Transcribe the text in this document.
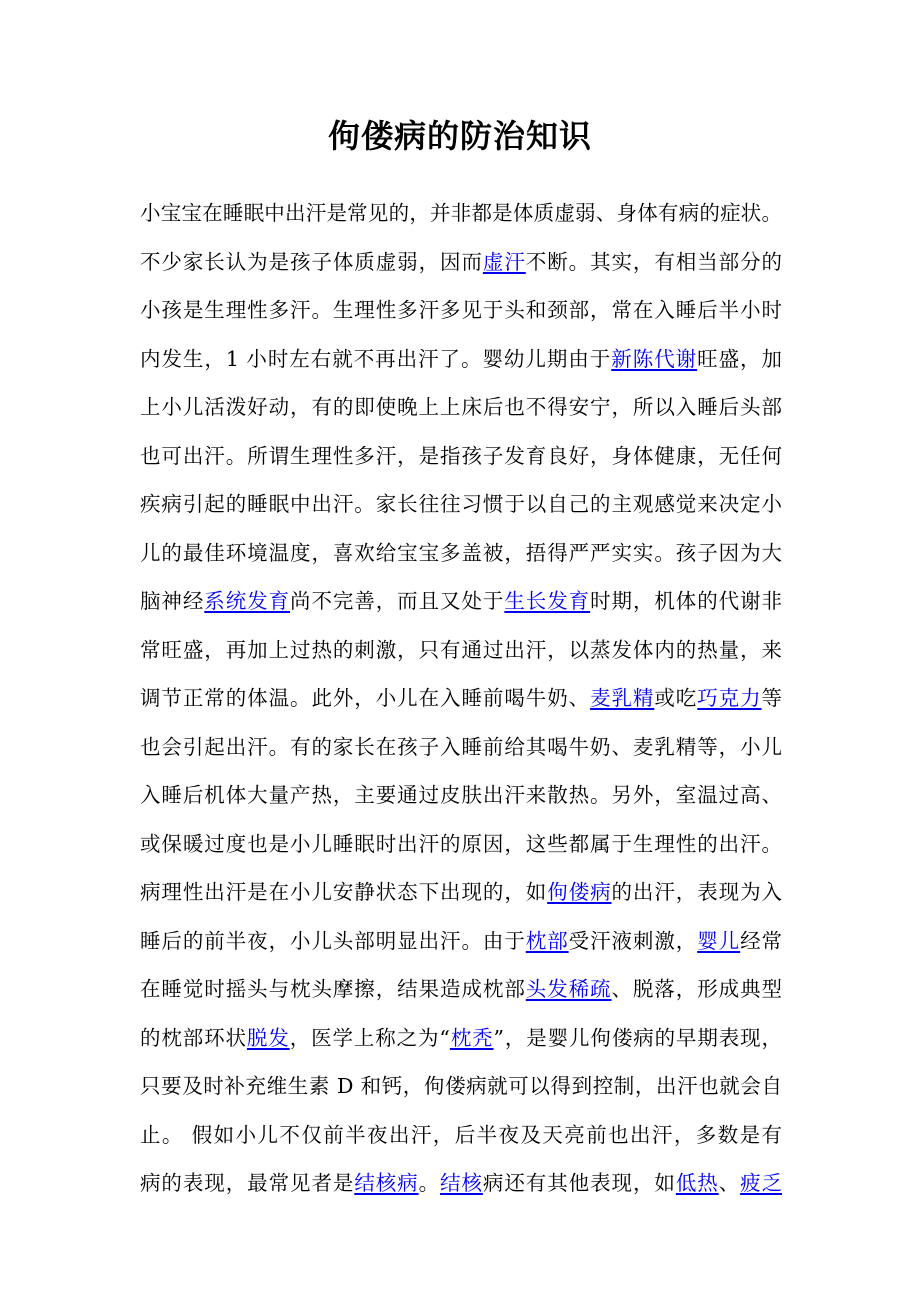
佝偻病的防治知识
小宝宝在睡眠中出汗是常见的，并非都是体质虚弱、身体有病的症状。
不少家长认为是孩子体质虚弱，因而虚汗不断。其实，有相当部分的
小孩是生理性多汗。生理性多汗多见于头和颈部，常在入睡后半小时
内发生，1 小时左右就不再出汗了。婴幼儿期由于新陈代谢旺盛，加
上小儿活泼好动，有的即使晚上上床后也不得安宁，所以入睡后头部
也可出汗。所谓生理性多汗，是指孩子发育良好，身体健康，无任何
疾病引起的睡眠中出汗。家长往往习惯于以自己的主观感觉来决定小
儿的最佳环境温度，喜欢给宝宝多盖被，捂得严严实实。孩子因为大
脑神经系统发育尚不完善，而且又处于生长发育时期，机体的代谢非
常旺盛，再加上过热的刺激，只有通过出汗，以蒸发体内的热量，来
调节正常的体温。此外，小儿在入睡前喝牛奶、麦乳精或吃巧克力等
也会引起出汗。有的家长在孩子入睡前给其喝牛奶、麦乳精等，小儿
入睡后机体大量产热，主要通过皮肤出汗来散热。另外，室温过高、
或保暖过度也是小儿睡眠时出汗的原因，这些都属于生理性的出汗。
病理性出汗是在小儿安静状态下出现的，如佝偻病的出汗，表现为入
睡后的前半夜，小儿头部明显出汗。由于枕部受汗液刺激，婴儿经常
在睡觉时摇头与枕头摩擦，结果造成枕部头发稀疏、脱落，形成典型
的枕部环状脱发，医学上称之为“枕秃”，是婴儿佝偻病的早期表现，
只要及时补充维生素 D 和钙，佝偻病就可以得到控制，出汗也就会自
止。 假如小儿不仅前半夜出汗，后半夜及天亮前也出汗，多数是有
病的表现，最常见者是结核病。结核病还有其他表现，如低热、疲乏
